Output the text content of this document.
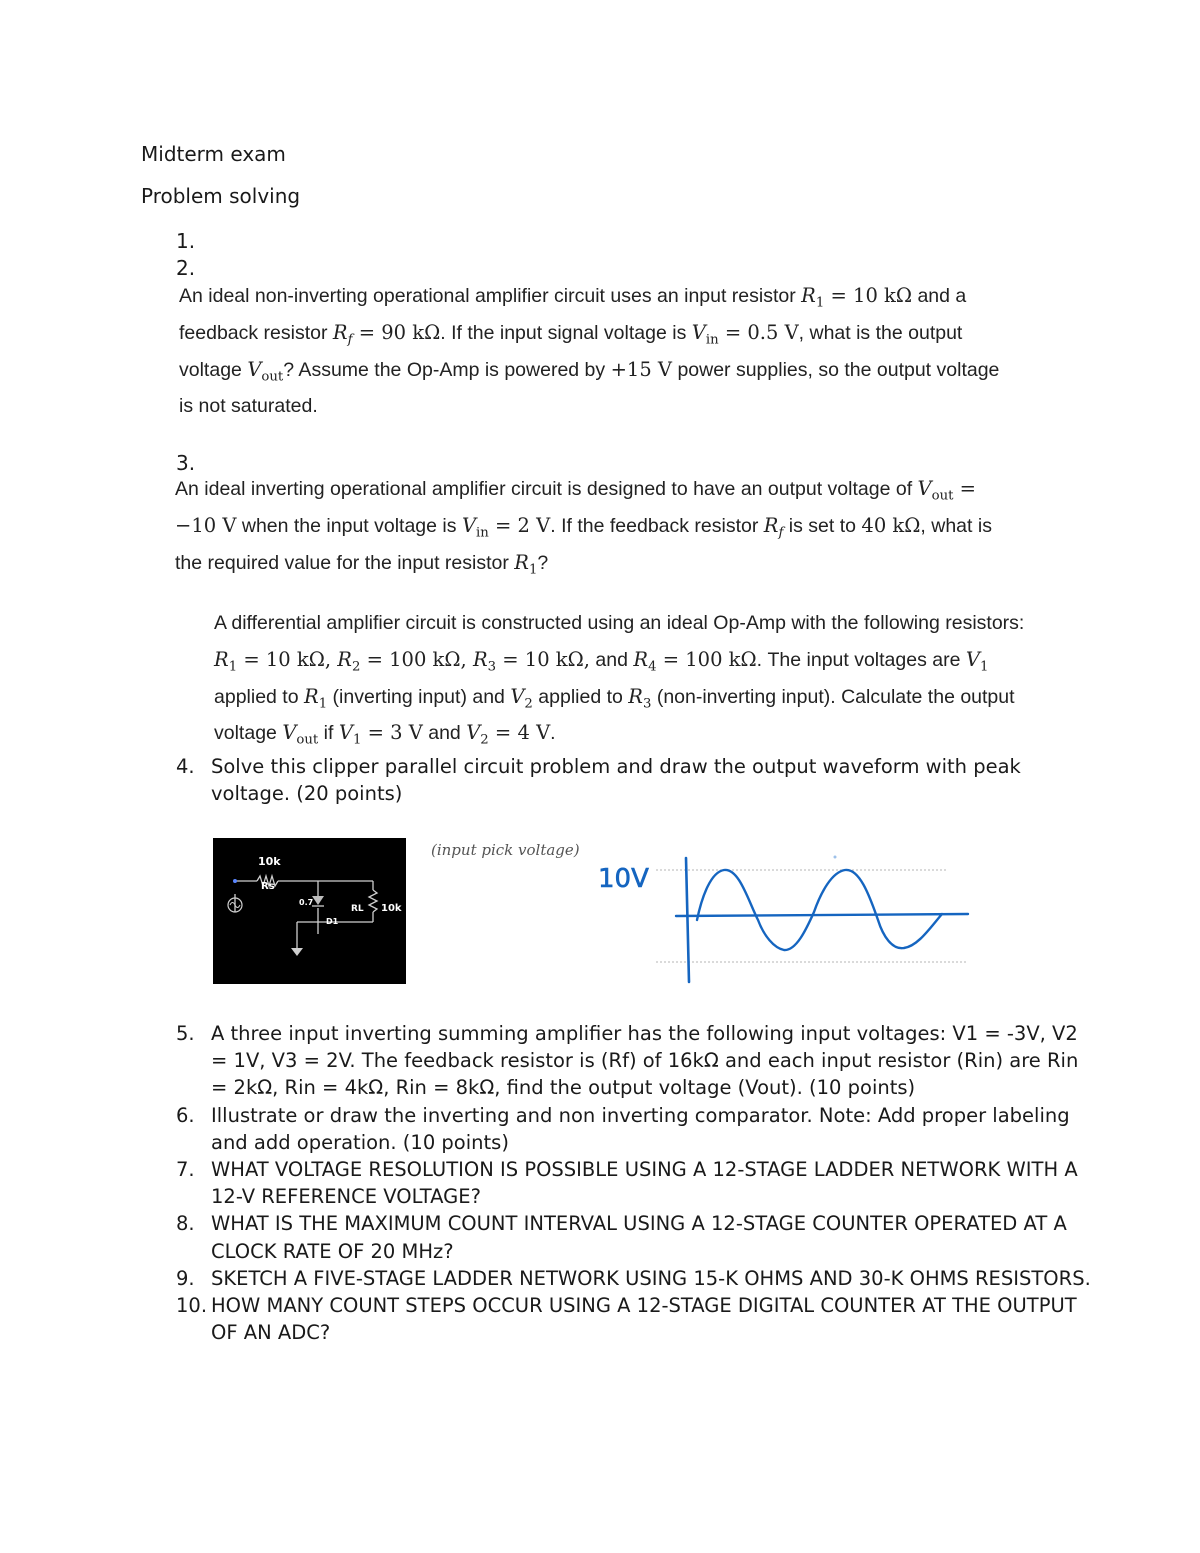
Midterm exam
Problem solving
1.
2.
An ideal non-inverting operational amplifier circuit uses an input resistor $R_1 = 10$ kΩ and a
feedback resistor $R_f = 90$ kΩ. If the input signal voltage is $V_{in} = 0.5$ V, what is the output
voltage $V_{out}$? Assume the Op-Amp is powered by +15 V power supplies, so the output voltage
is not saturated.
3.
An ideal inverting operational amplifier circuit is designed to have an output voltage of $V_{out}$ =
−10 V when the input voltage is $V_{in} = 2$ V. If the feedback resistor $R_f$ is set to 40 kΩ, what is
the required value for the input resistor $R_1$?
A differential amplifier circuit is constructed using an ideal Op-Amp with the following resistors:
$R_1 = 10$ kΩ, $R_2 = 100$ kΩ, $R_3 = 10$ kΩ, and $R_4 = 100$ kΩ. The input voltages are $V_1$
applied to $R_1$ (inverting input) and $V_2$ applied to $R_3$ (non-inverting input). Calculate the output
voltage $V_{out}$ if $V_1 = 3$ V and $V_2 = 4$ V.
4. Solve this clipper parallel circuit problem and draw the output waveform with peak voltage. (20 points)
10k
Rs
0.7
RL 10k
D1
(input pick voltage)
10V
5. A three input inverting summing amplifier has the following input voltages: V1 = -3V, V2 = 1V, V3 = 2V. The feedback resistor is (Rf) of 16kΩ and each input resistor (Rin) are Rin = 2kΩ, Rin = 4kΩ, Rin = 8kΩ, find the output voltage (Vout). (10 points)
6. Illustrate or draw the inverting and non inverting comparator. Note: Add proper labeling and add operation. (10 points)
7. WHAT VOLTAGE RESOLUTION IS POSSIBLE USING A 12-STAGE LADDER NETWORK WITH A 12-V REFERENCE VOLTAGE?
8. WHAT IS THE MAXIMUM COUNT INTERVAL USING A 12-STAGE COUNTER OPERATED AT A CLOCK RATE OF 20 MHz?
9. SKETCH A FIVE-STAGE LADDER NETWORK USING 15-K OHMS AND 30-K OHMS RESISTORS.
10. HOW MANY COUNT STEPS OCCUR USING A 12-STAGE DIGITAL COUNTER AT THE OUTPUT OF AN ADC?
